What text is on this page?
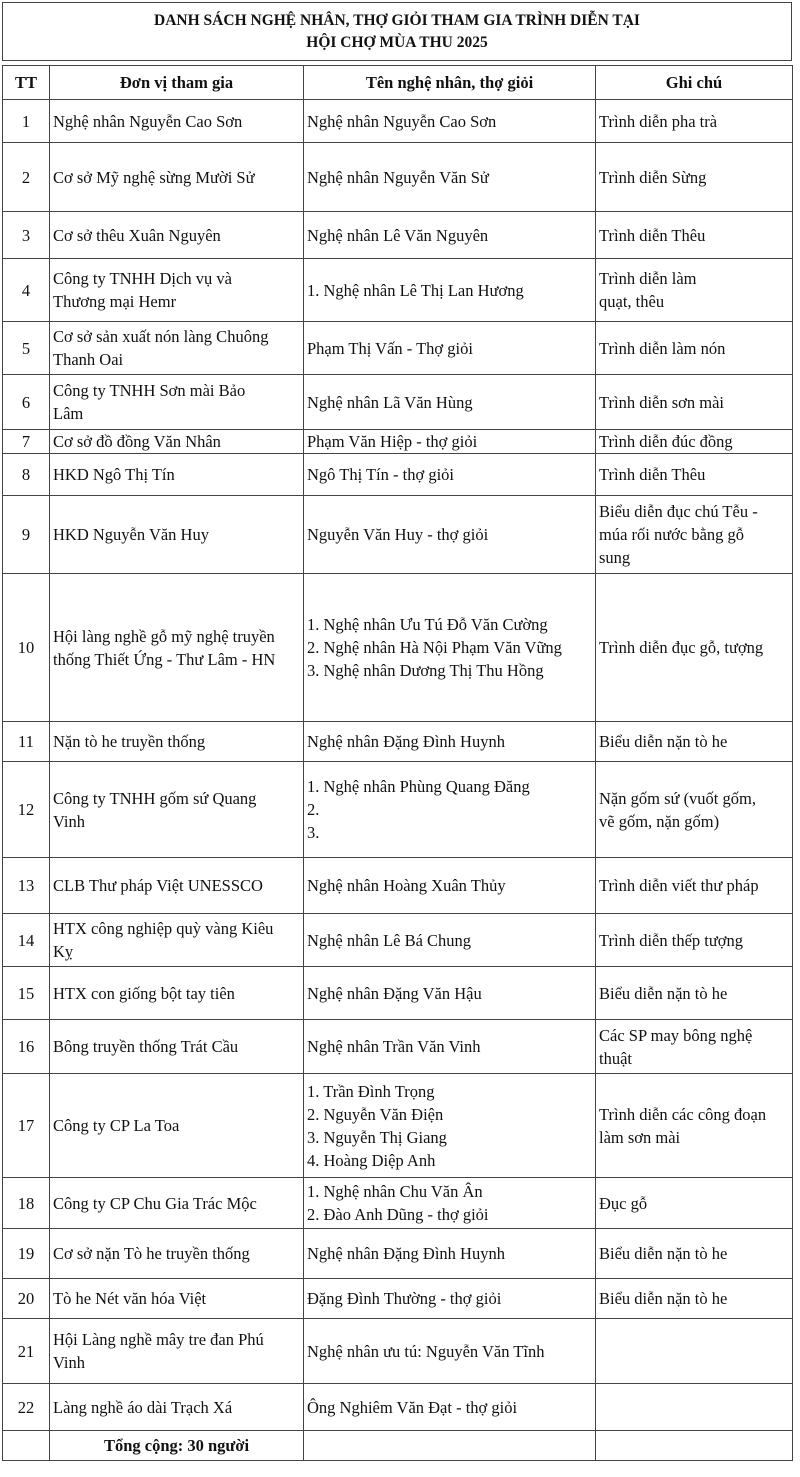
DANH SÁCH NGHỆ NHÂN, THỢ GIỎI THAM GIA TRÌNH DIỄN TẠI
HỘI CHỢ MÙA THU 2025
TT	Đơn vị tham gia	Tên nghệ nhân, thợ giỏi	Ghi chú
1	Nghệ nhân Nguyễn Cao Sơn	Nghệ nhân Nguyễn Cao Sơn	Trình diễn pha trà

2	Cơ sở Mỹ nghệ sừng Mười Sử	Nghệ nhân Nguyễn Văn Sử	Trình diễn Sừng

3	Cơ sở thêu Xuân Nguyên	Nghệ nhân Lê Văn Nguyên	Trình diễn Thêu

4	Công ty TNHH Dịch vụ và
Thương mại Hemr	1. Nghệ nhân Lê Thị Lan Hương	Trình diễn làm
quạt, thêu

5	Cơ sở sản xuất nón làng Chuông
Thanh Oai	Phạm Thị Vấn - Thợ giỏi	Trình diễn làm nón

6	Công ty TNHH Sơn mài Bảo
Lâm	Nghệ nhân Lã Văn Hùng	Trình diễn sơn mài

7	Cơ sở đồ đồng Văn Nhân	Phạm Văn Hiệp - thợ giỏi	Trình diễn đúc đồng

8	HKD Ngô Thị Tín	Ngô Thị Tín - thợ giỏi	Trình diễn Thêu

9	HKD Nguyễn Văn Huy	Nguyễn Văn Huy - thợ giỏi	Biểu diễn đục chú Tễu -
múa rối nước bằng gỗ
sung

10	Hội làng nghề gỗ mỹ nghệ truyền
thống Thiết Ứng - Thư Lâm - HN	1. Nghệ nhân Ưu Tú Đỗ Văn Cường
2. Nghệ nhân Hà Nội Phạm Văn Vững
3. Nghệ nhân Dương Thị Thu Hồng	Trình diễn đục gỗ, tượng

11	Nặn tò he truyền thống	Nghệ nhân Đặng Đình Huynh	Biểu diễn nặn tò he

12	Công ty TNHH gốm sứ Quang
Vinh	1. Nghệ nhân Phùng Quang Đăng
2.
3.	Nặn gốm sứ (vuốt gốm,
vẽ gốm, nặn gốm)

13	CLB Thư pháp Việt UNESSCO	Nghệ nhân Hoàng Xuân Thủy	Trình diễn viết thư pháp

14	HTX công nghiệp quỳ vàng Kiêu
Kỵ	Nghệ nhân Lê Bá Chung	Trình diễn thếp tượng

15	HTX con giống bột tay tiên	Nghệ nhân Đặng Văn Hậu	Biểu diễn nặn tò he

16	Bông truyền thống Trát Cầu	Nghệ nhân Trần Văn Vinh	Các SP may bông nghệ
thuật

17	Công ty CP La Toa	1. Trần Đình Trọng
2. Nguyễn Văn Điện
3. Nguyễn Thị Giang
4. Hoàng Diệp Anh	Trình diễn các công đoạn
làm sơn mài

18	Công ty CP Chu Gia Trác Mộc	1. Nghệ nhân Chu Văn Ân
2. Đào Anh Dũng - thợ giỏi	Đục gỗ

19	Cơ sở nặn Tò he truyền thống	Nghệ nhân Đặng Đình Huynh	Biểu diễn nặn tò he

20	Tò he Nét văn hóa Việt	Đặng Đình Thường - thợ giỏi	Biểu diễn nặn tò he

21	Hội Làng nghề mây tre đan Phú
Vinh	Nghệ nhân ưu tú: Nguyễn Văn Tĩnh	

22	Làng nghề áo dài Trạch Xá	Ông Nghiêm Văn Đạt - thợ giỏi	

	Tổng cộng: 30 người		
